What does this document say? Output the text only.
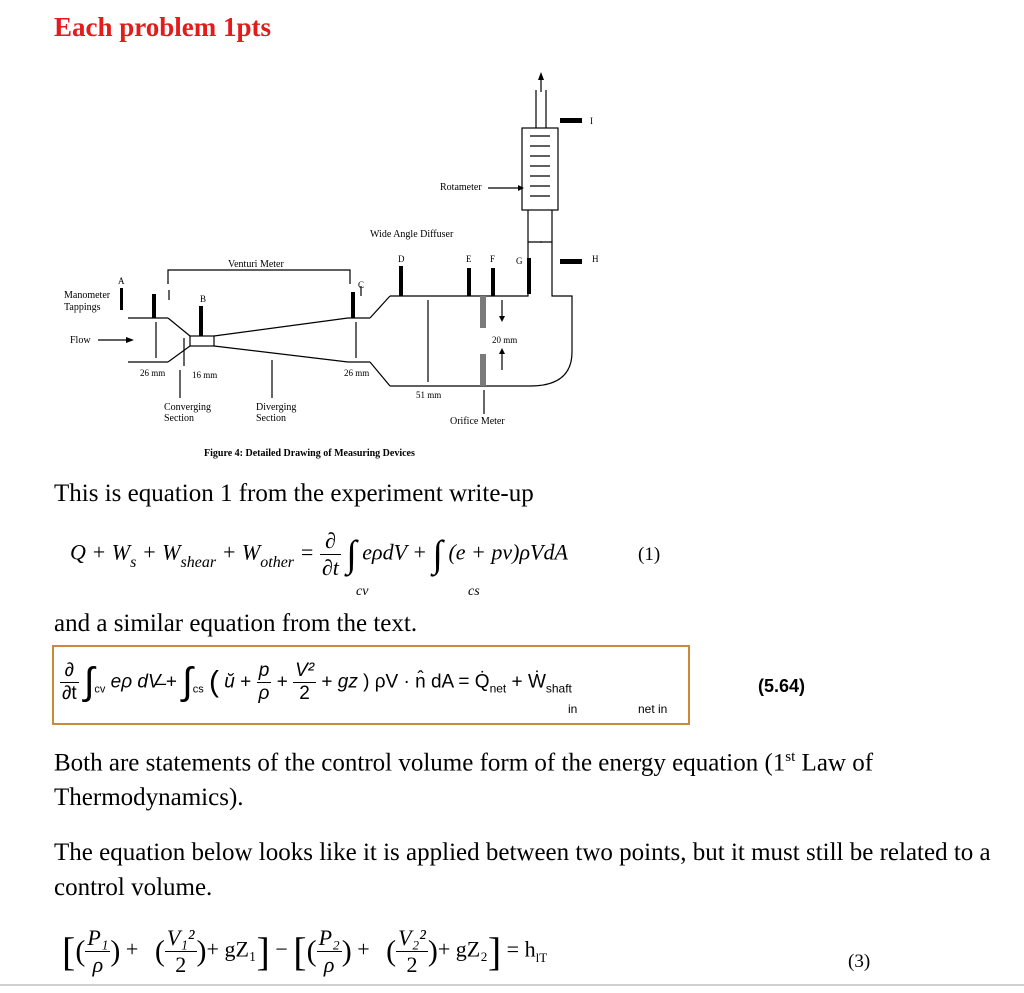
Each problem 1pts
Rotameter
Wide Angle Diffuser
Venturi Meter
Manometer
Tappings
Flow
Converging
Section
Diverging
Section	Orifice Meter
26 mm	16 mm	26 mm
51 mm
20 mm
A
B
C
D	E F G	H
I
Figure 4: Detailed Drawing of Measuring Devices
This is equation 1 from the experiment write-up
$Q + W_s + W_{shear} + W_{other} = \frac{\partial}{\partial t}$ ∫ eρdV + ∫ (e + pv)ρVdA
cv	cs
(1)
and a similar equation from the text.
$\frac{\partial}{\partial t} \int_{cv}$ eρ dV̶ + $\int_{cs}$ ( ŭ + $\frac{p}{\rho} + \frac{\text{V²}}{2}$ + gz ) ρV · n̂ dA = $Q̇_{net}$ + Ẇ$_{shaft}$
in	net in
(5.64)
Both are statements of the control volume form of the energy equation (1st Law of Thermodynamics).
The equation below looks like it is applied between two points, but it must still be related to a control volume.
[( $\frac{\text{P₁}}{\rho}$ ) + ( $\frac{\text{V₁²}}{2}$ )+ gZ₁] − [( $\frac{\text{P₂}}{\rho}$ ) + ( $\frac{\text{V₂²}}{2}$ )+ $gZ_2] = h_{lT}$	(3)
